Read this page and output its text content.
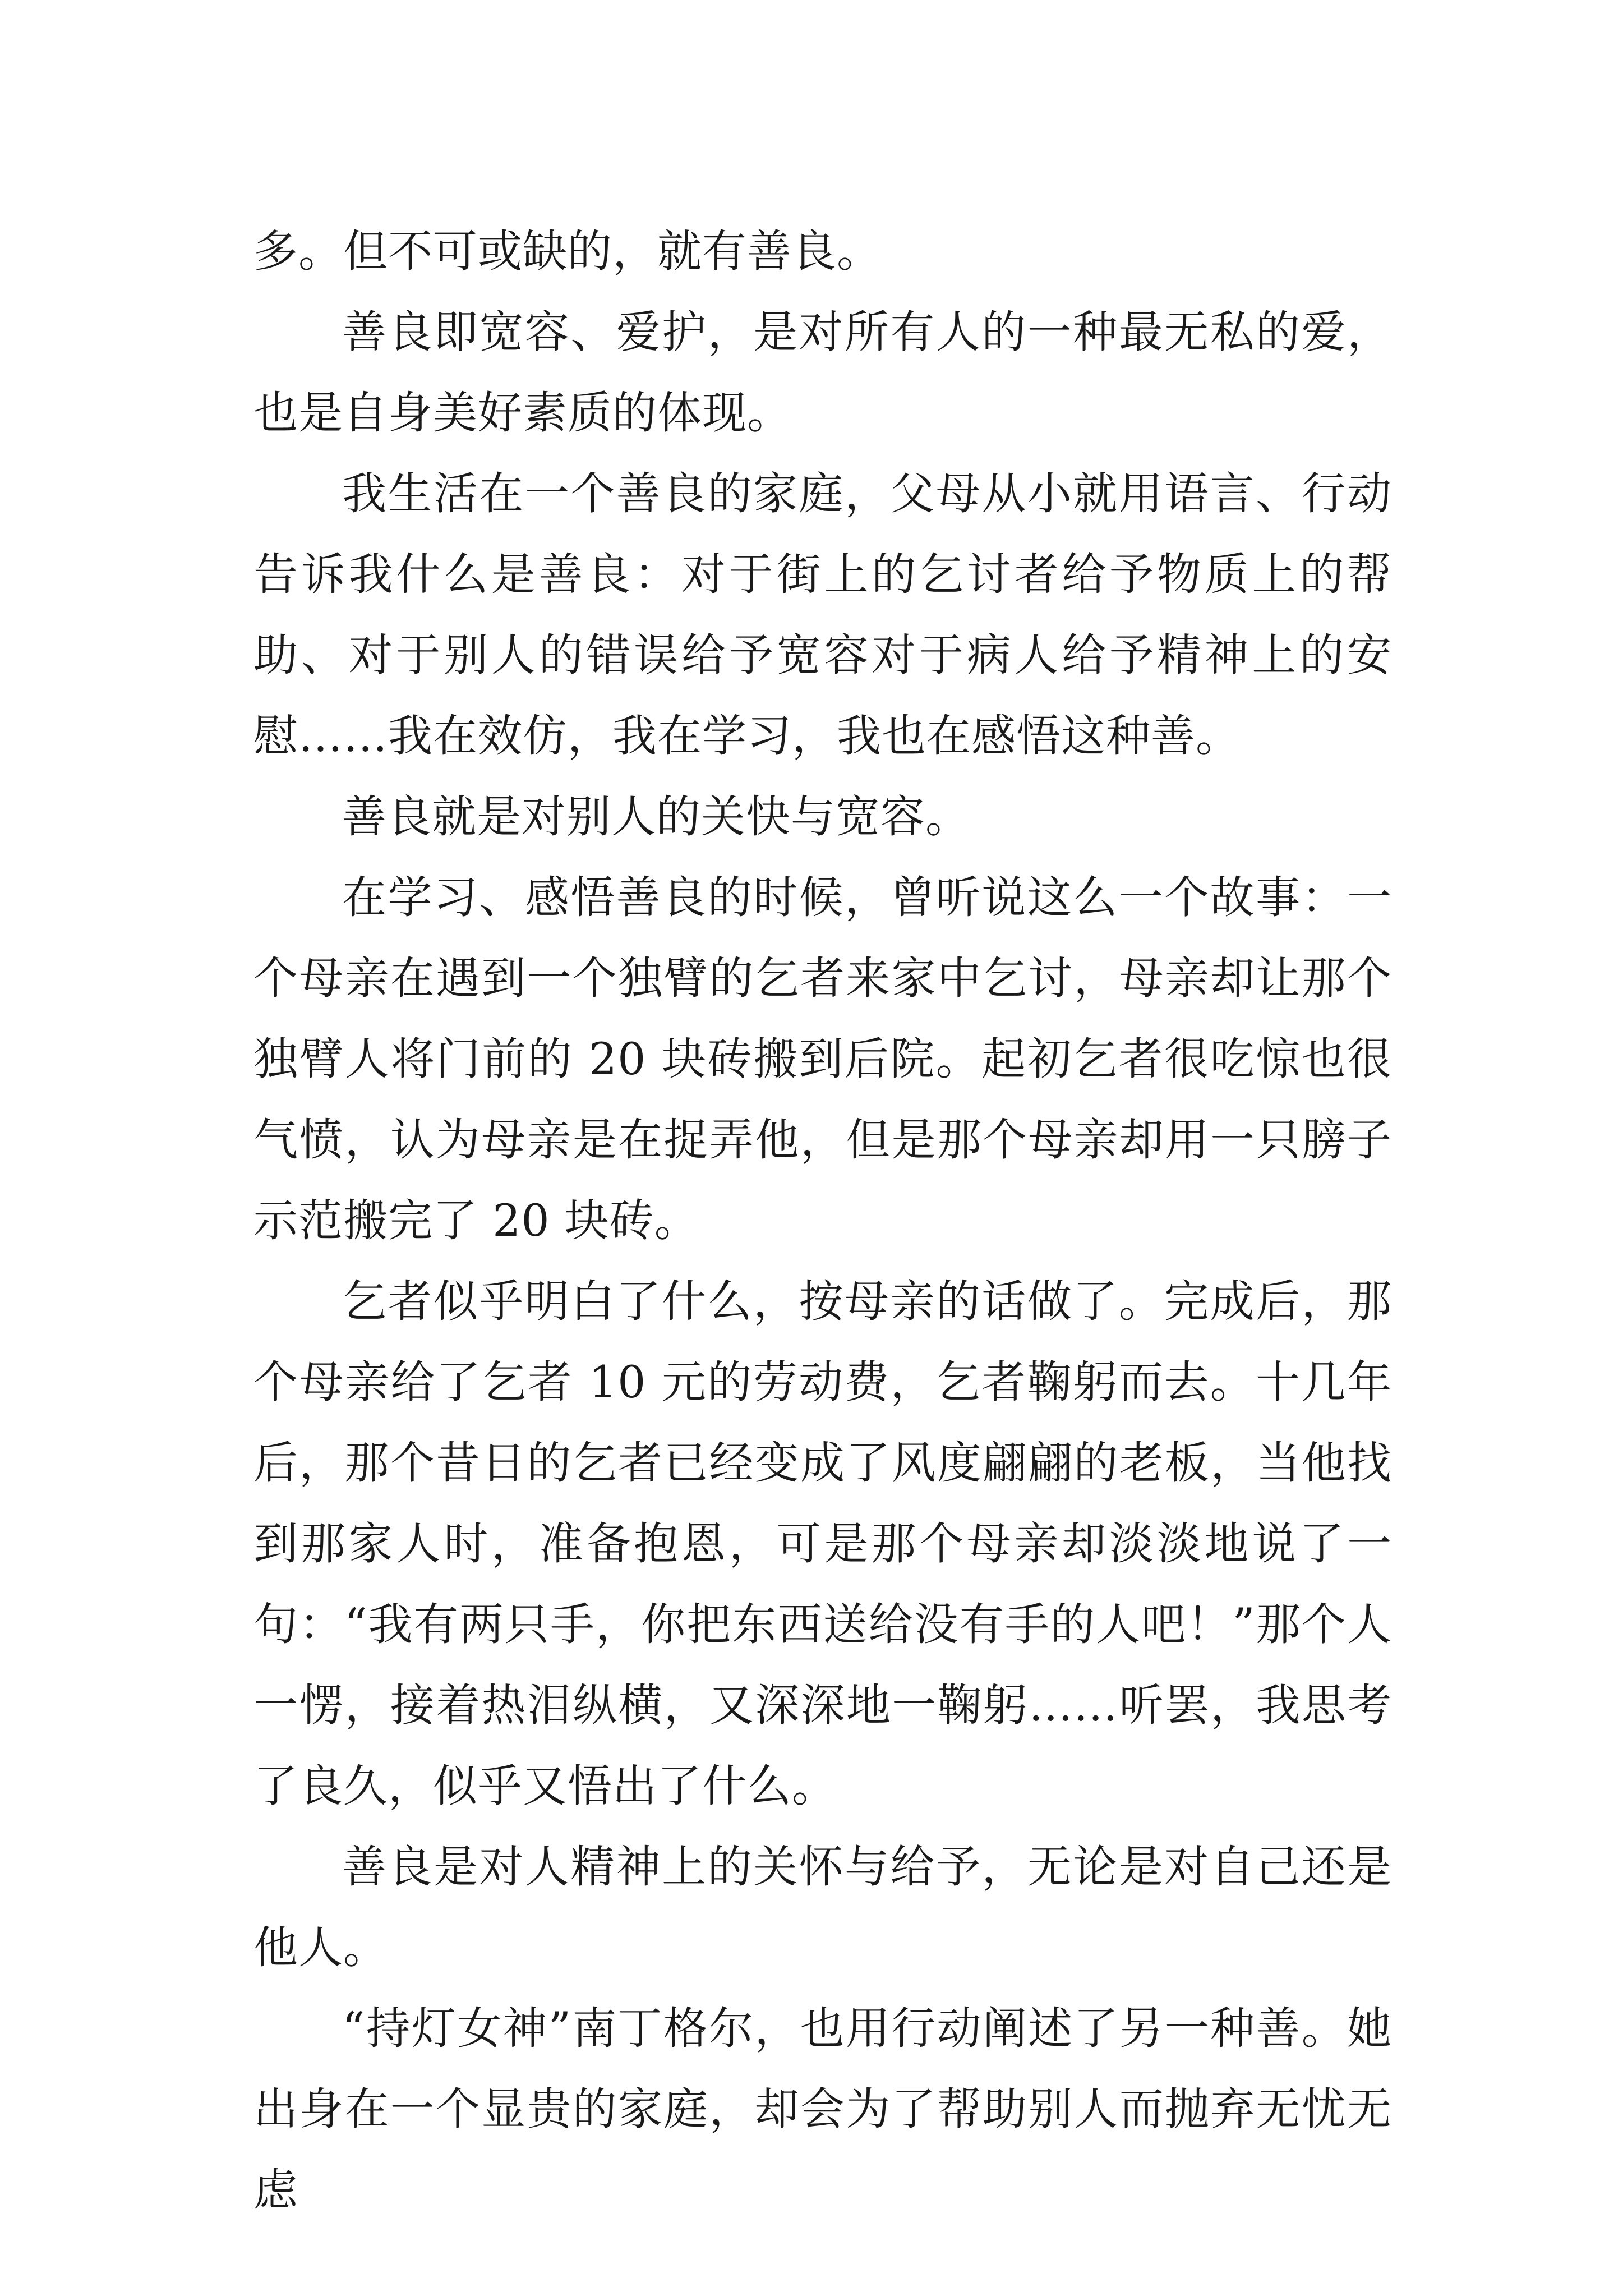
多。但不可或缺的，就有善良。

善良即宽容、爱护，是对所有人的一种最无私的爱，也是自身美好素质的体现。

我生活在一个善良的家庭，父母从小就用语言、行动告诉我什么是善良：对于街上的乞讨者给予物质上的帮助、对于别人的错误给予宽容对于病人给予精神上的安慰……我在效仿，我在学习，我也在感悟这种善。

善良就是对别人的关快与宽容。

在学习、感悟善良的时候，曾听说这么一个故事：一个母亲在遇到一个独臂的乞者来家中乞讨，母亲却让那个独臂人将门前的 20 块砖搬到后院。起初乞者很吃惊也很气愤，认为母亲是在捉弄他，但是那个母亲却用一只膀子示范搬完了 20 块砖。

乞者似乎明白了什么，按母亲的话做了。完成后，那个母亲给了乞者 10 元的劳动费，乞者鞠躬而去。十几年后，那个昔日的乞者已经变成了风度翩翩的老板，当他找到那家人时，准备抱恩，可是那个母亲却淡淡地说了一句：“我有两只手，你把东西送给没有手的人吧！”那个人一愣，接着热泪纵横，又深深地一鞠躬……听罢，我思考了良久，似乎又悟出了什么。

善良是对人精神上的关怀与给予，无论是对自己还是他人。

“持灯女神”南丁格尔，也用行动阐述了另一种善。她出身在一个显贵的家庭，却会为了帮助别人而抛弃无忧无虑
